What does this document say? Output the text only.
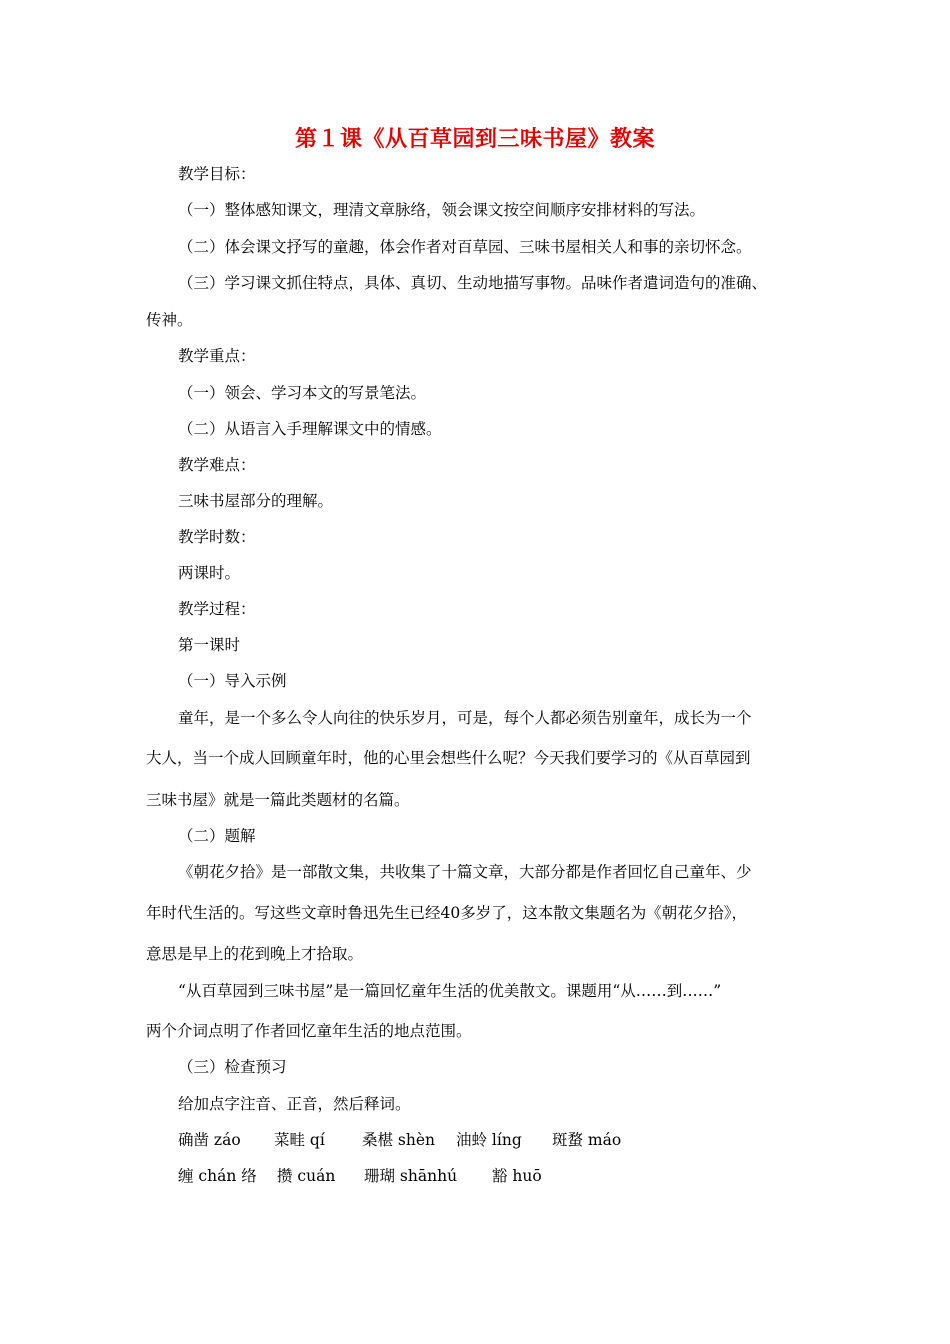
第１课《从百草园到三味书屋》教案
教学目标：
（一）整体感知课文，理清文章脉络，领会课文按空间顺序安排材料的写法。
（二）体会课文抒写的童趣，体会作者对百草园、三味书屋相关人和事的亲切怀念。
（三）学习课文抓住特点，具体、真切、生动地描写事物。品味作者遣词造句的准确、
传神。
教学重点：
（一）领会、学习本文的写景笔法。
（二）从语言入手理解课文中的情感。
教学难点：
三味书屋部分的理解。
教学时数：
两课时。
教学过程：
第一课时
（一）导入示例
童年，是一个多么令人向往的快乐岁月，可是，每个人都必须告别童年，成长为一个
大人，当一个成人回顾童年时，他的心里会想些什么呢？今天我们要学习的《从百草园到
三味书屋》就是一篇此类题材的名篇。
（二）题解
《朝花夕拾》是一部散文集，共收集了十篇文章，大部分都是作者回忆自己童年、少
年时代生活的。写这些文章时鲁迅先生已经40多岁了，这本散文集题名为《朝花夕拾》，
意思是早上的花到晚上才拾取。
“从百草园到三味书屋”是一篇回忆童年生活的优美散文。课题用“从……到……”
两个介词点明了作者回忆童年生活的地点范围。
（三）检查预习
给加点字注音、正音，然后释词。
确凿 záo 菜畦 qí 桑椹 shèn 油蛉 líng 斑蝥 máo
缠 chán 络 攒 cuán 珊瑚 shānhú 豁 huō
